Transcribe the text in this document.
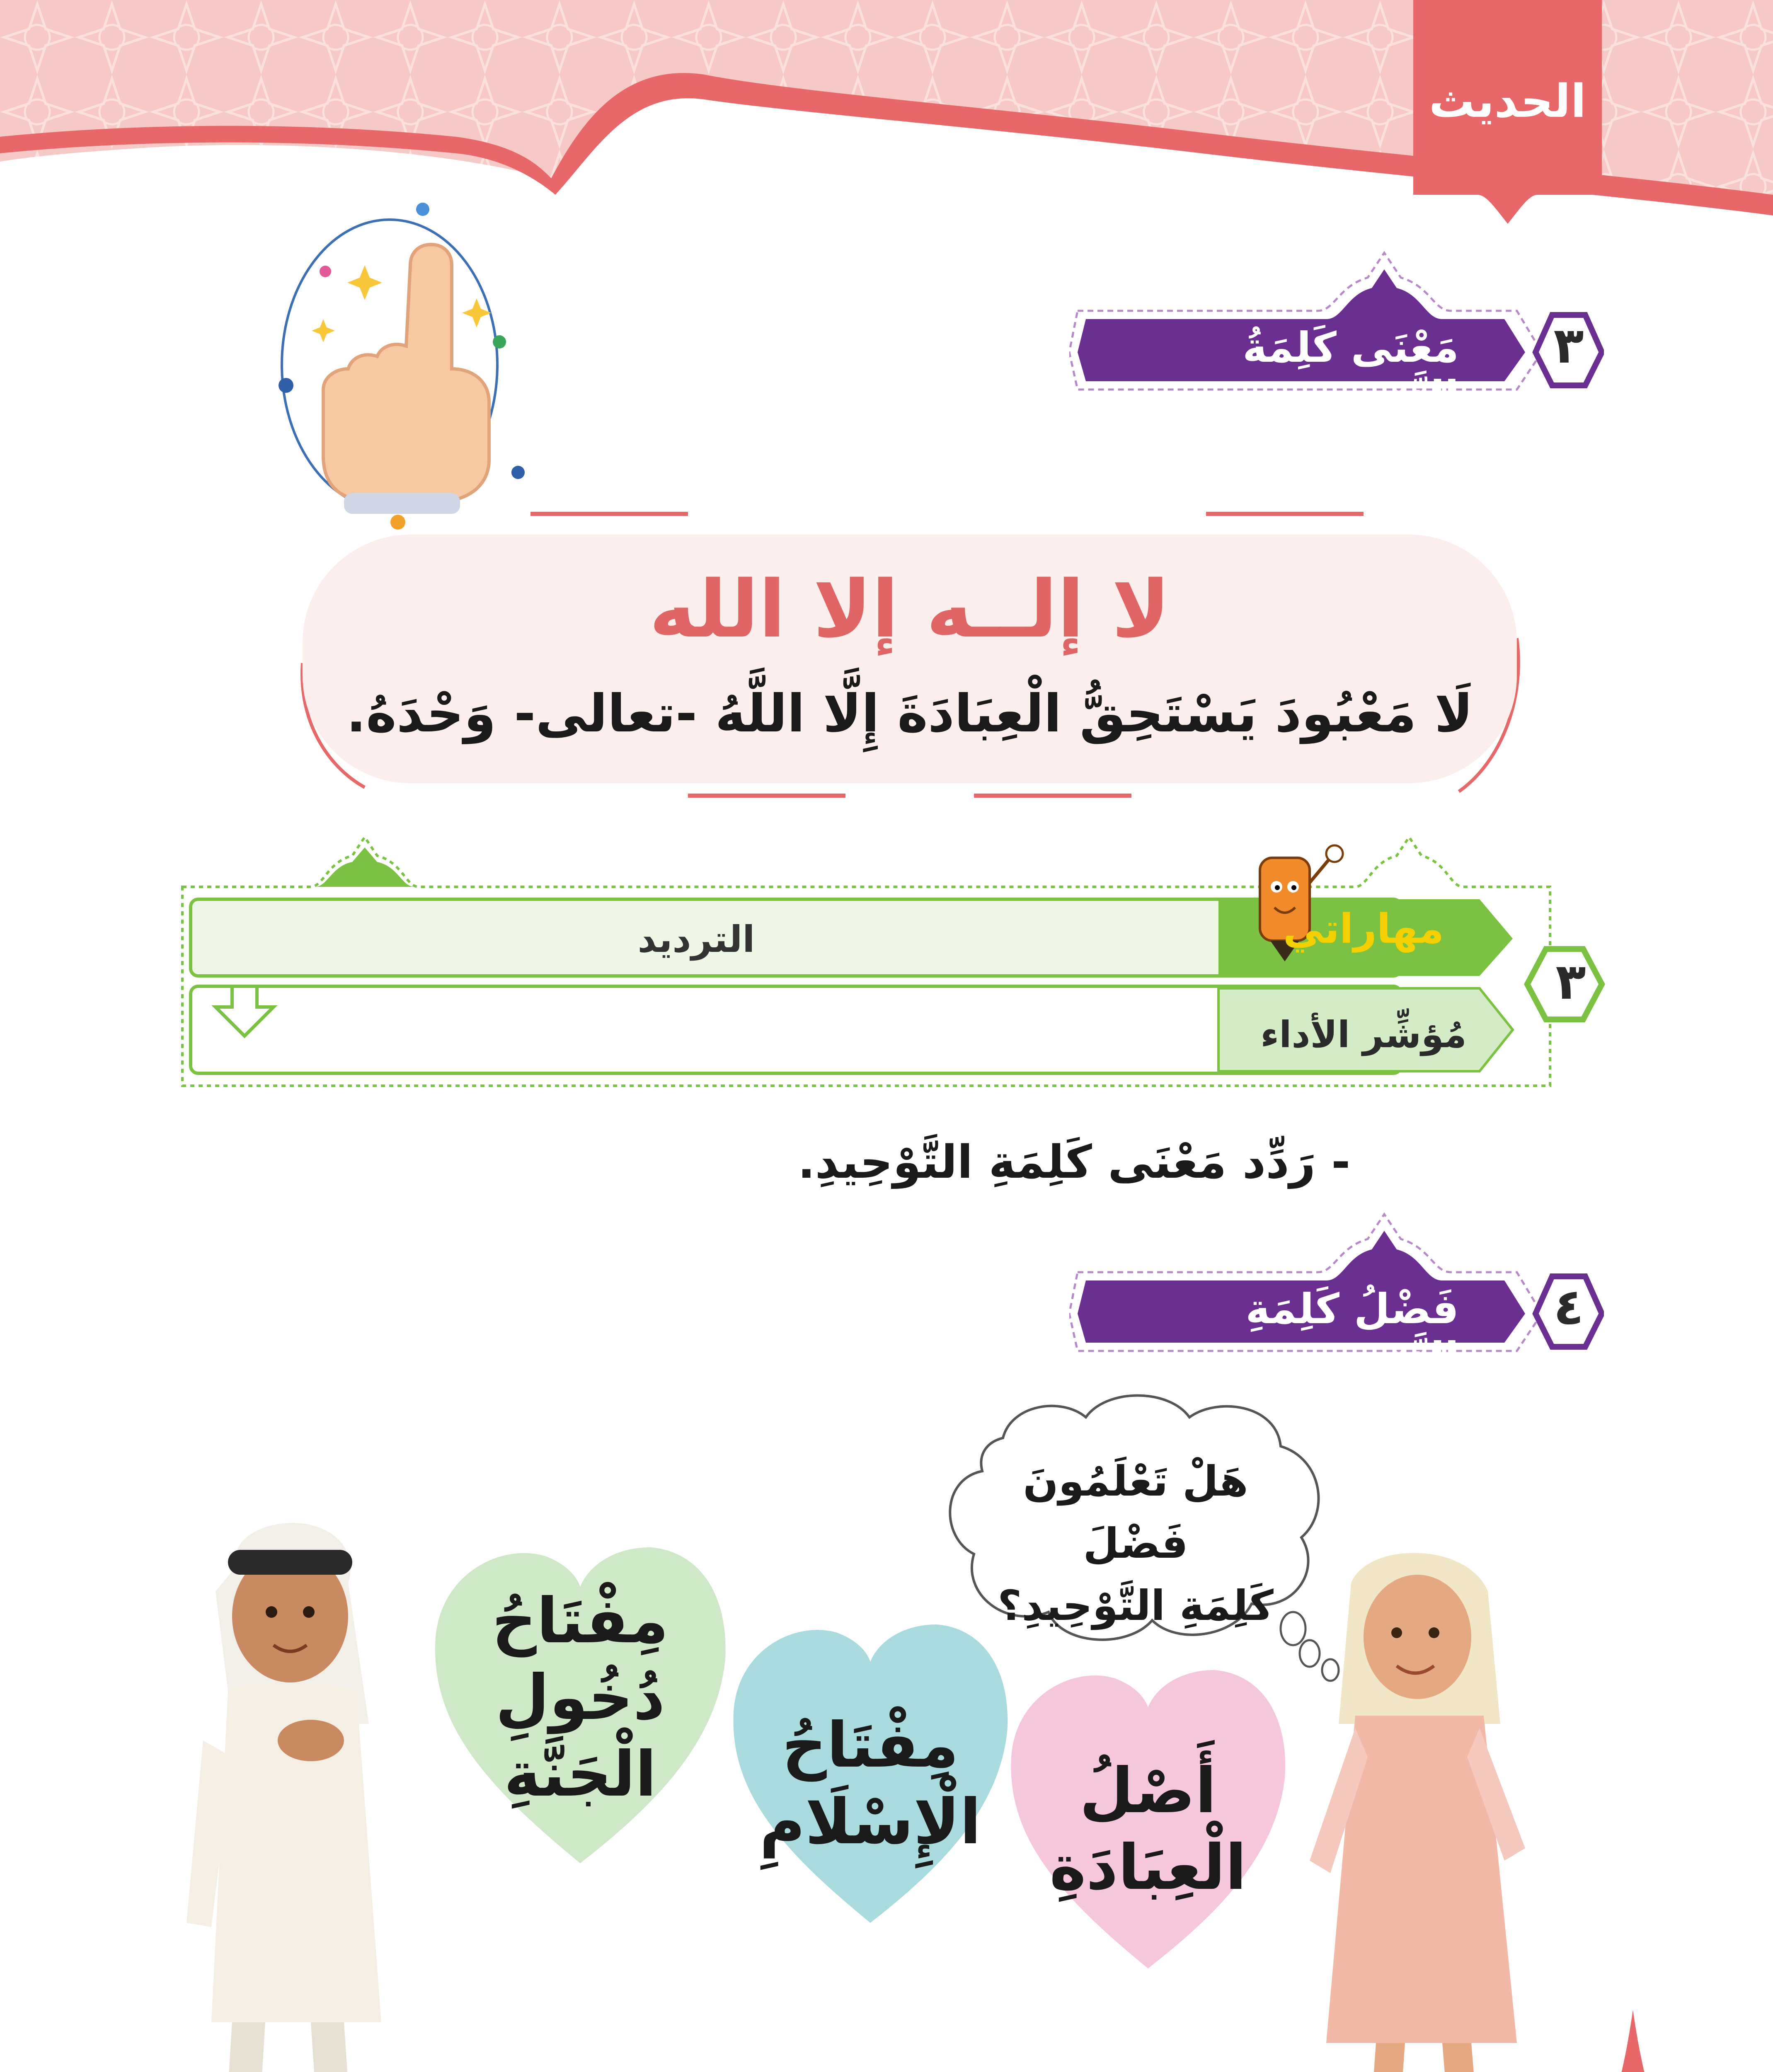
الحديث
٣
مَعْنَى كَلِمَةُ التَّوْحِيدِ.
لا إلــه إلا الله
لَا مَعْبُودَ يَسْتَحِقُّ الْعِبَادَةَ إِلَّا اللَّهُ -تعالى- وَحْدَهُ.
مهاراتي
الترديد
مُؤشِّر الأداء
٣
- رَدِّد مَعْنَى كَلِمَةِ التَّوْحِيدِ.
٤
فَضْلُ كَلِمَةِ التَّوْحِيدِ.
هَلْ تَعْلَمُونَ فَضْلَ
كَلِمَةِ التَّوْحِيدِ؟
أَصْلُ
الْعِبَادَةِ
مِفْتَاحُ
الْإِسْلَامِ
مِفْتَاحُ
دُخُولِ
الْجَنَّةِ
